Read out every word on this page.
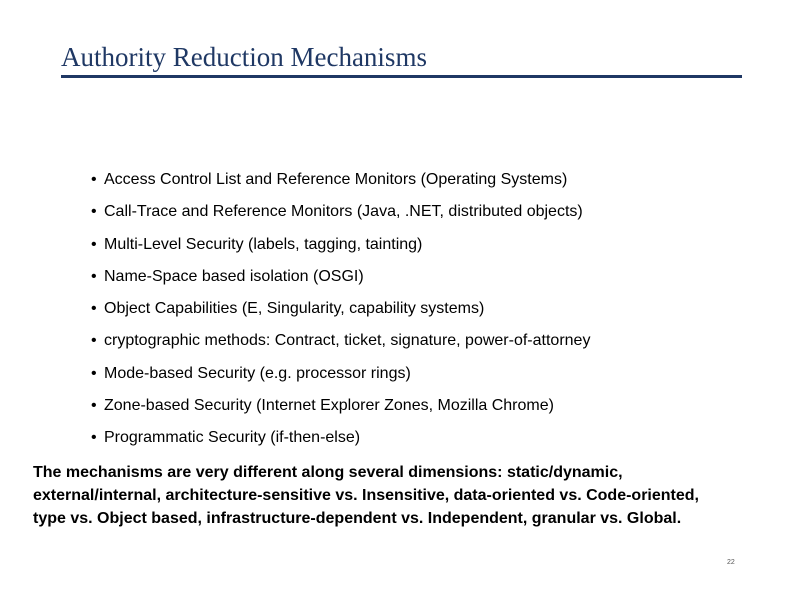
Authority Reduction Mechanisms
• Access Control List and Reference Monitors (Operating Systems)
• Call-Trace and Reference Monitors (Java, .NET, distributed objects)
• Multi-Level Security (labels, tagging, tainting)
• Name-Space based isolation (OSGI)
• Object Capabilities (E, Singularity, capability systems)
• cryptographic methods: Contract, ticket, signature, power-of-attorney
• Mode-based Security (e.g. processor rings)
• Zone-based Security (Internet Explorer Zones, Mozilla Chrome)
• Programmatic Security (if-then-else)
The mechanisms are very different along several dimensions: static/dynamic, external/internal, architecture-sensitive vs. Insensitive, data-oriented vs. Code-oriented, type vs. Object based, infrastructure-dependent vs. Independent, granular vs. Global.
22
